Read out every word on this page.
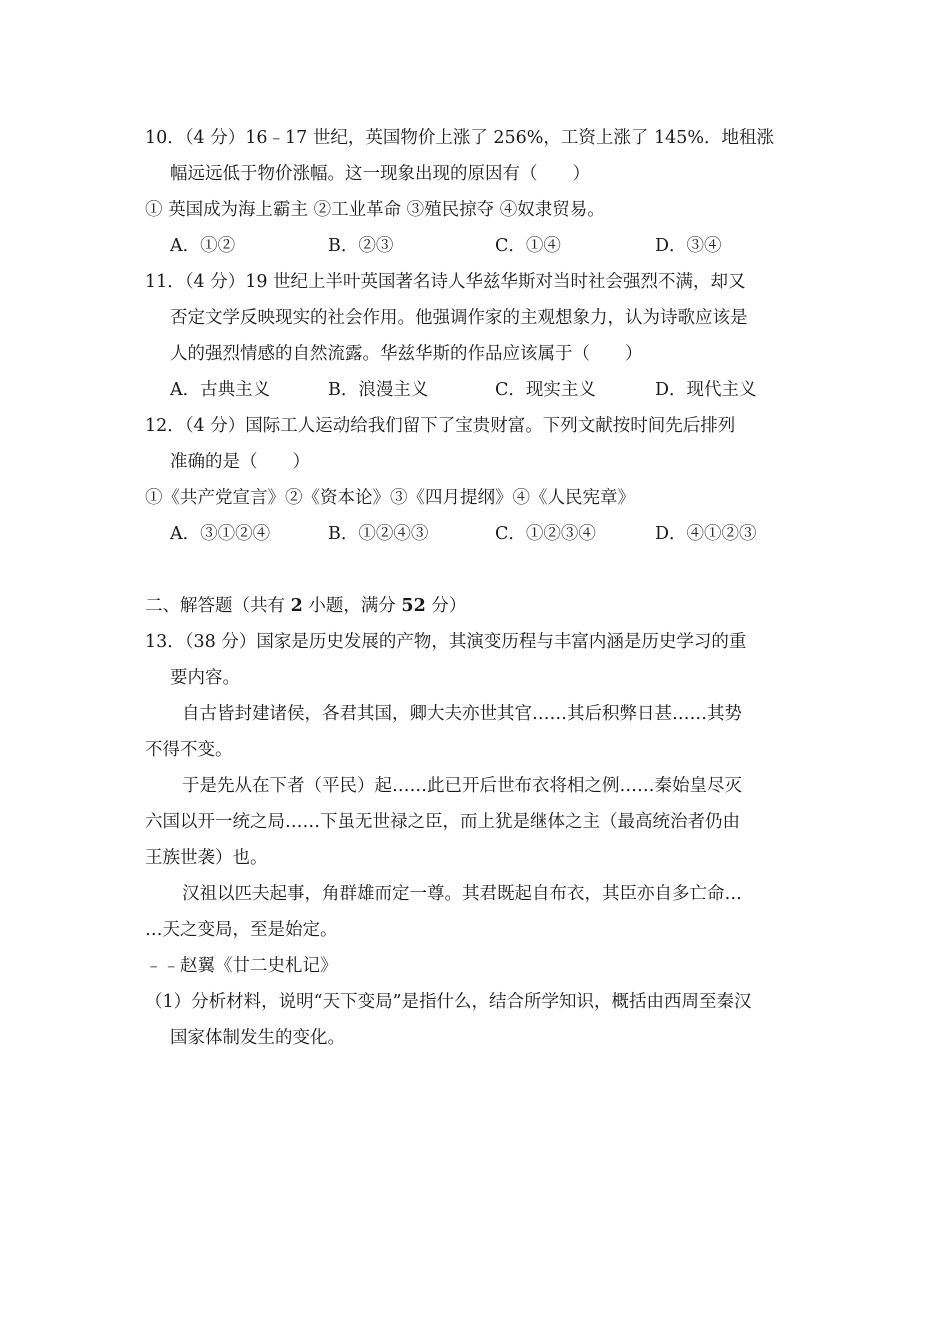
10．（4 分）16﹣17 世纪，英国物价上涨了 256%，工资上涨了 145%．地租涨
幅远远低于物价涨幅。这一现象出现的原因有（　　）
① 英国成为海上霸主 ②工业革命 ③殖民掠夺 ④奴隶贸易。
A．①②	B．②③	C．①④	D．③④
11．（4 分）19 世纪上半叶英国著名诗人华兹华斯对当时社会强烈不满，却又
否定文学反映现实的社会作用。他强调作家的主观想象力，认为诗歌应该是
人的强烈情感的自然流露。华兹华斯的作品应该属于（　　）
A．古典主义	B．浪漫主义	C．现实主义	D．现代主义
12．（4 分）国际工人运动给我们留下了宝贵财富。下列文献按时间先后排列
准确的是（　　）
①《共产党宣言》②《资本论》③《四月提纲》④《人民宪章》
A．③①②④	B．①②④③	C．①②③④	D．④①②③
二、解答题（共有 2 小题，满分 52 分）
13．（38 分）国家是历史发展的产物，其演变历程与丰富内涵是历史学习的重
要内容。
自古皆封建诸侯，各君其国，卿大夫亦世其官……其后积弊日甚……其势
不得不变。
于是先从在下者（平民）起……此已开后世布衣将相之例……秦始皇尽灭
六国以开一统之局……下虽无世禄之臣，而上犹是继体之主（最高统治者仍由
王族世袭）也。
汉祖以匹夫起事，角群雄而定一尊。其君既起自布衣，其臣亦自多亡命…
…天之变局，至是始定。
﹣﹣赵翼《廿二史札记》
（1）分析材料，说明“天下变局”是指什么，结合所学知识，概括由西周至秦汉
国家体制发生的变化。
